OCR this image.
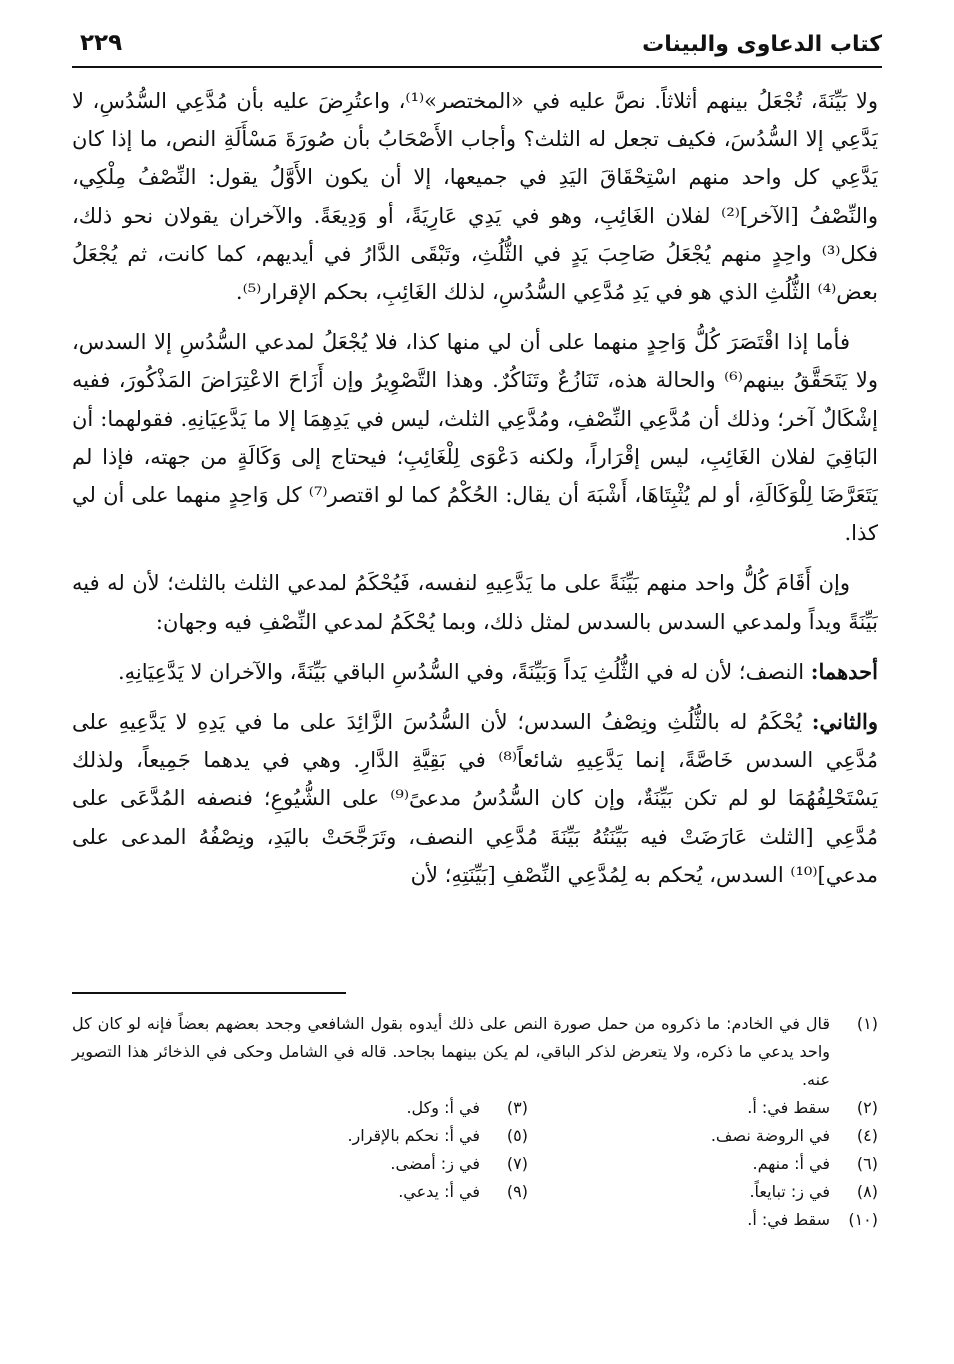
كتاب الدعاوى والبينات
٢٢٩

ولا بَيِّنَةَ، تُجْعَلُ بينهم أثلاثاً. نصَّ عليه في «المختصر»⁽¹⁾، واعتُرِضَ عليه بأن مُدَّعِي السُّدُسِ، لا يَدَّعِي إلا السُّدُسَ، فكيف تجعل له الثلث؟ وأجاب الأَصْحَابُ بأن صُورَةَ مَسْأَلَةِ النص، ما إذا كان يَدَّعِي كل واحد منهم اسْتِحْقَاقَ اليَدِ في جميعها، إلا أن يكون الأَوَّلُ يقول: النِّصْفُ مِلْكِي، والنِّصْفُ [الآخر]⁽²⁾ لفلان الغَائِبِ، وهو في يَدِي عَارِيَةً، أو وَدِيعَةً. والآخران يقولان نحو ذلك، فكل⁽³⁾ واحِدٍ منهم يُجْعَلُ صَاحِبَ يَدٍ في الثُّلُثِ، وتَبْقَى الدَّارُ في أيديهم، كما كانت، ثم يُجْعَلُ بعض⁽⁴⁾ الثُّلُثِ الذي هو في يَدِ مُدَّعِي السُّدُسِ، لذلك الغَائِبِ، بحكم الإقرار⁽⁵⁾.

فأما إذا اقْتَصَرَ كُلُّ وَاحِدٍ منهما على أن لي منها كذا، فلا يُجْعَلُ لمدعي السُّدُسِ إلا السدس، ولا يَتَحَقَّقُ بينهم⁽⁶⁾ والحالة هذه، تَنَازُعٌ وتَنَاكُرٌ. وهذا التَّصْوِيرُ وإن أَزَاحَ الاعْتِرَاضَ المَذْكُورَ، ففيه إشْكَالٌ آخر؛ وذلك أن مُدَّعِي النِّصْفِ، ومُدَّعِي الثلث، ليس في يَدِهِمَا إلا ما يَدَّعِيَانِهِ. فقولهما: أن البَاقِيَ لفلان الغَائِبِ، ليس إقْرَاراً، ولكنه دَعْوَى لِلْغَائِبِ؛ فيحتاج إلى وَكَالَةٍ من جهته، فإذا لم يَتَعَرَّضَا لِلْوَكَالَةِ، أو لم يُثْبِتَاهَا، أَشْبَهَ أن يقال: الحُكْمُ كما لو اقتصر⁽⁷⁾ كل وَاحِدٍ منهما على أن لي كذا.

وإن أَقَامَ كُلُّ واحد منهم بَيِّنَةً على ما يَدَّعِيهِ لنفسه، فَيُحْكَمُ لمدعي الثلث بالثلث؛ لأن له فيه بَيِّنَةً ويداً ولمدعي السدس بالسدس لمثل ذلك، وبما يُحْكَمُ لمدعي النِّصْفِ فيه وجهان:

أحدهما: النصف؛ لأن له في الثُّلُثِ يَداً وَبَيِّنَةً، وفي السُّدُسِ الباقي بَيِّنَةً، والآخران لا يَدَّعِيَانِهِ.

والثاني: يُحْكَمُ له بالثُّلُثِ ونِصْفُ السدس؛ لأن السُّدُسَ الزَّائِدَ على ما في يَدِهِ لا يَدَّعِيهِ على مُدَّعِي السدس خَاصَّةً، إنما يَدَّعِيهِ شائعاً⁽⁸⁾ في بَقِيَّةِ الدَّارِ. وهي في يدهما جَمِيعاً، ولذلك يَسْتَحْلِفُهُمَا لو لم تكن بَيِّنَةٌ، وإن كان السُّدُسُ مدعىً⁽⁹⁾ على الشُّيُوعِ؛ فنصفه المُدَّعَى على مُدَّعِي [الثلث عَارَضَتْ فيه بَيِّنَتُهُ بَيِّنَةَ مُدَّعِي النصف، وتَرَجَّحَتْ باليَدِ، ونِصْفُهُ المدعى على مدعي]⁽¹⁰⁾ السدس، يُحكم به لِمُدَّعِي النِّصْفِ [بَيِّنَتِهِ؛ لأن

(١)
قال في الخادم: ما ذكروه من حمل صورة النص على ذلك أيدوه بقول الشافعي وجحد بعضهم بعضاً فإنه لو كان كل واحد يدعي ما ذكره، ولا يتعرض لذكر الباقي، لم يكن بينهما بجاحد. قاله في الشامل وحكى في الذخائر هذا التصوير عنه.
(٢)
سقط في: أ.
(٣)
في أ: وكل.
(٤)
في الروضة نصف.
(٥)
في أ: نحكم بالإقرار.
(٦)
في أ: منهم.
(٧)
في ز: أمضى.
(٨)
في ز: تبايعاً.
(٩)
في أ: يدعي.
(١٠)
سقط في: أ.
